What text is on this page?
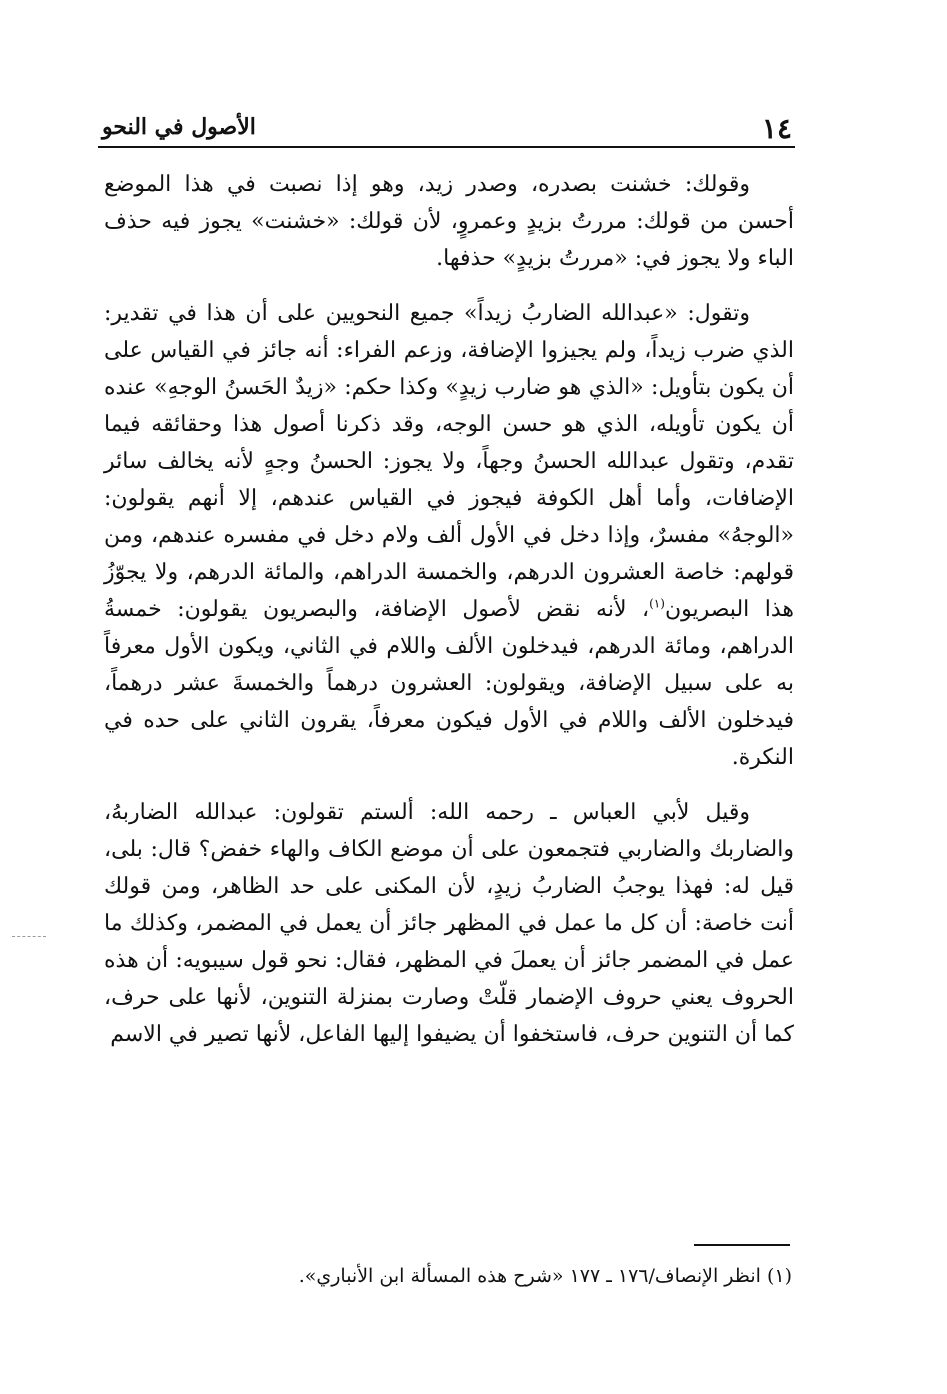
١٤
الأصول في النحو

وقولك: خشنت بصدره، وصدر زيد، وهو إذا نصبت في هذا الموضع أحسن من قولك: مررتُ بزيدٍ وعمروٍ، لأن قولك: «خشنت» يجوز فيه حذف الباء ولا يجوز في: «مررتُ بزيدٍ» حذفها.

وتقول: «عبدالله الضاربُ زيداً» جميع النحويين على أن هذا في تقدير: الذي ضرب زيداً، ولم يجيزوا الإضافة، وزعم الفراء: أنه جائز في القياس على أن يكون بتأويل: «الذي هو ضارب زيدٍ» وكذا حكم: «زيدٌ الحَسنُ الوجهِ» عنده أن يكون تأويله، الذي هو حسن الوجه، وقد ذكرنا أصول هذا وحقائقه فيما تقدم، وتقول عبدالله الحسنُ وجهاً، ولا يجوز: الحسنُ وجهٍ لأنه يخالف سائر الإضافات، وأما أهل الكوفة فيجوز في القياس عندهم، إلا أنهم يقولون: «الوجهُ» مفسرٌ، وإذا دخل في الأول ألف ولام دخل في مفسره عندهم، ومن قولهم: خاصة العشرون الدرهم، والخمسة الدراهم، والمائة الدرهم، ولا يجوّزُ هذا البصريون$^{(١)}$، لأنه نقض لأصول الإضافة، والبصريون يقولون: خمسةُ الدراهم، ومائة الدرهم، فيدخلون الألف واللام في الثاني، ويكون الأول معرفاً به على سبيل الإضافة، ويقولون: العشرون درهماً والخمسةَ عشر درهماً، فيدخلون الألف واللام في الأول فيكون معرفاً، يقرون الثاني على حده في النكرة.

وقيل لأبي العباس ـ رحمه الله: ألستم تقولون: عبدالله الضاربهُ، والضاربك والضاربي فتجمعون على أن موضع الكاف والهاء خفض؟ قال: بلى، قيل له: فهذا يوجبُ الضاربُ زيدٍ، لأن المكنى على حد الظاهر، ومن قولك أنت خاصة: أن كل ما عمل في المظهر جائز أن يعمل في المضمر، وكذلك ما عمل في المضمر جائز أن يعملَ في المظهر، فقال: نحو قول سيبويه: أن هذه الحروف يعني حروف الإضمار قلّتْ وصارت بمنزلة التنوين، لأنها على حرف، كما أن التنوين حرف، فاستخفوا أن يضيفوا إليها الفاعل، لأنها تصير في الاسم

(١)انظر الإنصاف/١٧٦ ـ ١٧٧ «شرح هذه المسألة ابن الأنباري».
